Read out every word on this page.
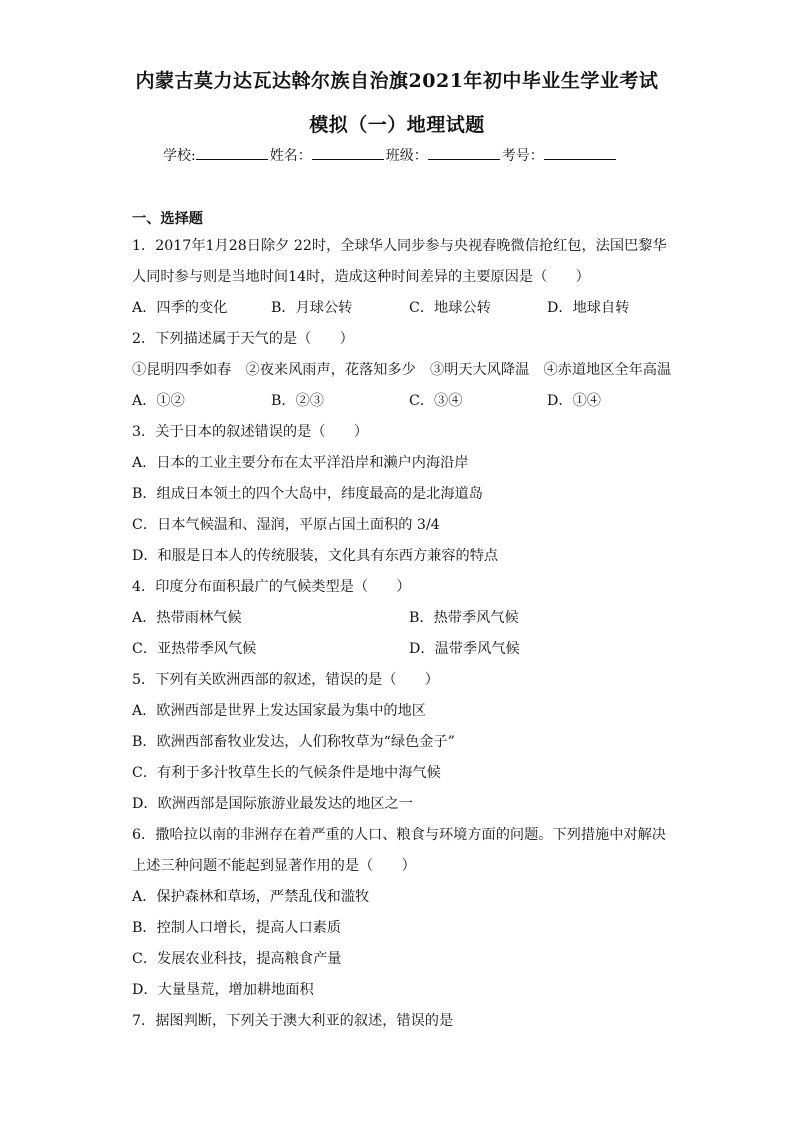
内蒙古莫力达瓦达斡尔族自治旗2021年初中毕业生学业考试
模拟（一）地理试题
学校:	姓名：	班级：	考号：
一、选择题
1．2017年1月28日除夕 22时，全球华人同步参与央视春晚微信抢红包，法国巴黎华
人同时参与则是当地时间14时，造成这种时间差异的主要原因是（　　）
A．四季的变化	B．月球公转	C．地球公转	D．地球自转
2．下列描述属于天气的是（　　）
①昆明四季如春　②夜来风雨声，花落知多少　③明天大风降温　④赤道地区全年高温
A．①②	B．②③	C．③④	D．①④
3．关于日本的叙述错误的是（　　）
A．日本的工业主要分布在太平洋沿岸和濑户内海沿岸
B．组成日本领土的四个大岛中，纬度最高的是北海道岛
C．日本气候温和、湿润，平原占国土面积的 3/4
D．和服是日本人的传统服装，文化具有东西方兼容的特点
4．印度分布面积最广的气候类型是（　　）
A．热带雨林气候	B．热带季风气候
C．亚热带季风气候	D．温带季风气候
5．下列有关欧洲西部的叙述，错误的是（　　）
A．欧洲西部是世界上发达国家最为集中的地区
B．欧洲西部畜牧业发达，人们称牧草为“绿色金子”
C．有利于多汁牧草生长的气候条件是地中海气候
D．欧洲西部是国际旅游业最发达的地区之一
6．撒哈拉以南的非洲存在着严重的人口、粮食与环境方面的问题。下列措施中对解决
上述三种问题不能起到显著作用的是（　　）
A．保护森林和草场，严禁乱伐和滥牧
B．控制人口增长，提高人口素质
C．发展农业科技，提高粮食产量
D．大量垦荒，增加耕地面积
7．据图判断，下列关于澳大利亚的叙述，错误的是
